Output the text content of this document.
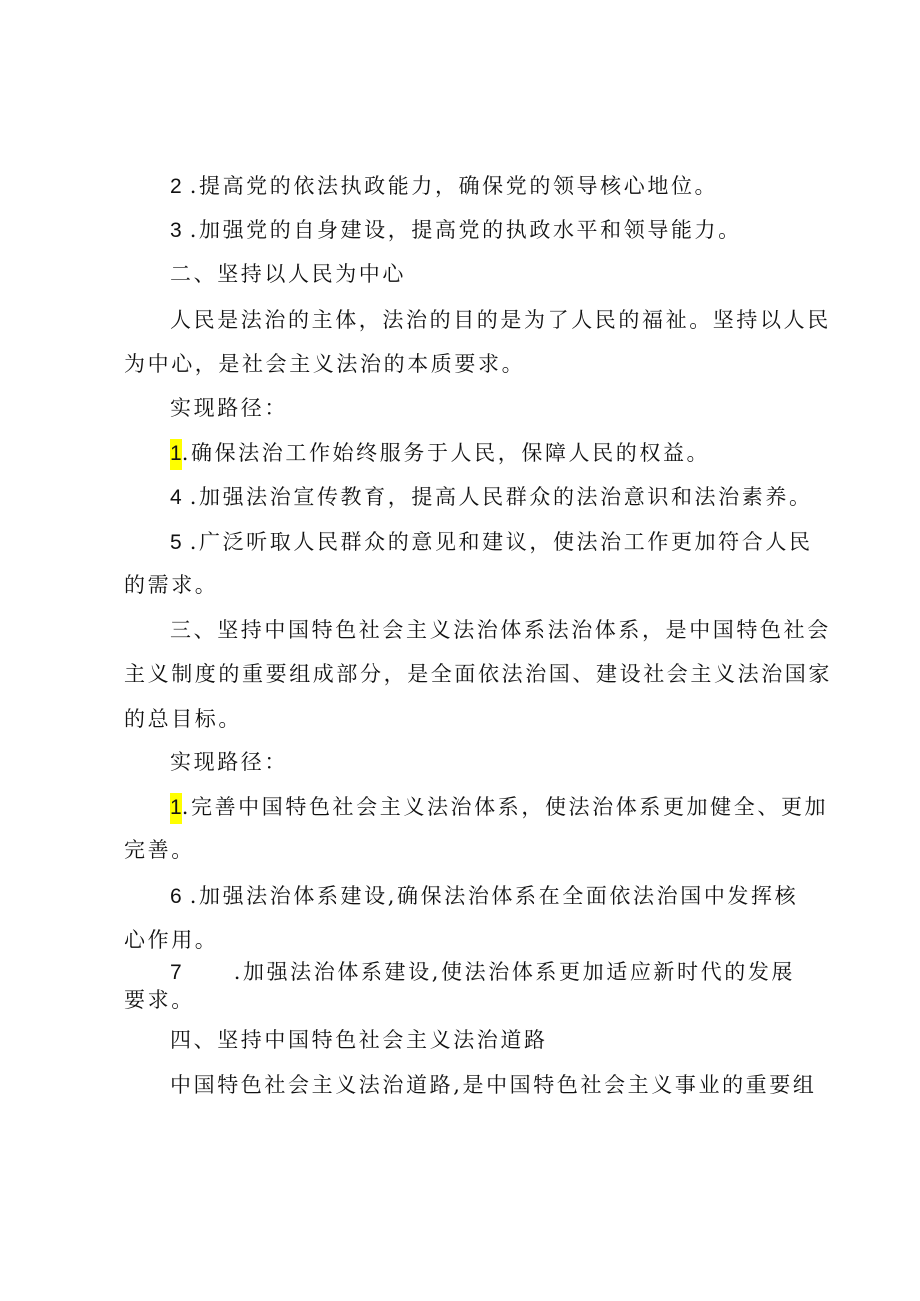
2 .提高党的依法执政能力，确保党的领导核心地位。
3 .加强党的自身建设，提高党的执政水平和领导能力。
二、坚持以人民为中心
人民是法治的主体，法治的目的是为了人民的福祉。坚持以人民
为中心，是社会主义法治的本质要求。
实现路径：
1.确保法治工作始终服务于人民，保障人民的权益。
4 .加强法治宣传教育，提高人民群众的法治意识和法治素养。
5 .广泛听取人民群众的意见和建议，使法治工作更加符合人民
的需求。
三、坚持中国特色社会主义法治体系法治体系，是中国特色社会
主义制度的重要组成部分，是全面依法治国、建设社会主义法治国家
的总目标。
实现路径：
1.完善中国特色社会主义法治体系，使法治体系更加健全、更加
完善。
6 .加强法治体系建设,确保法治体系在全面依法治国中发挥核
心作用。
7 .加强法治体系建设,使法治体系更加适应新时代的发展
要求。
四、坚持中国特色社会主义法治道路
中国特色社会主义法治道路,是中国特色社会主义事业的重要组
